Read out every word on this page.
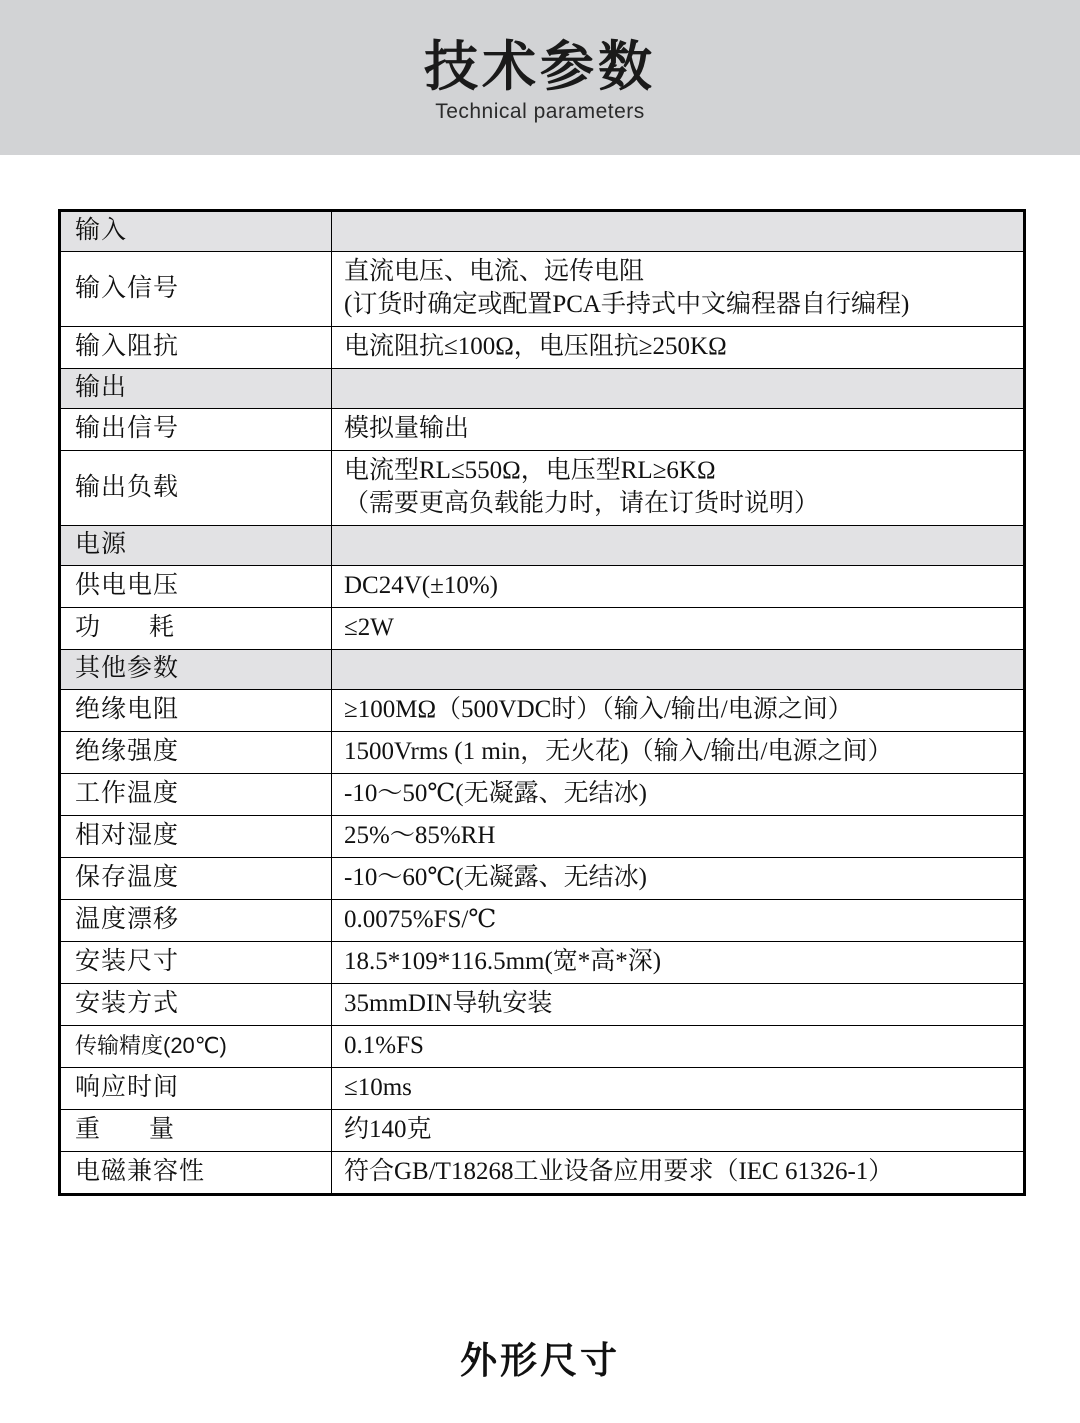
技术参数
Technical parameters
输入	
输入信号	直流电压、电流、远传电阻
(订货时确定或配置PCA手持式中文编程器自行编程)

输入阻抗	电流阻抗≤100Ω，电压阻抗≥250KΩ
输出	
输出信号	模拟量输出
输出负载	电流型RL≤550Ω，电压型RL≥6KΩ
（需要更高负载能力时，请在订货时说明）

电源	
供电电压	DC24V(±10%)
功　耗	≤2W
其他参数	
绝缘电阻	≥100MΩ（500VDC时）（输入/输出/电源之间）
绝缘强度	1500Vrms (1 min，无火花)（输入/输出/电源之间）
工作温度	-10～50℃(无凝露、无结冰)
相对湿度	25%～85%RH
保存温度	-10～60℃(无凝露、无结冰)
温度漂移	0.0075%FS/℃
安装尺寸	18.5*109*116.5mm(宽*高*深)
安装方式	35mmDIN导轨安装
传输精度(20℃)	0.1%FS
响应时间	≤10ms
重　量	约140克
电磁兼容性	符合GB/T18268工业设备应用要求（IEC 61326-1）
外形尺寸
